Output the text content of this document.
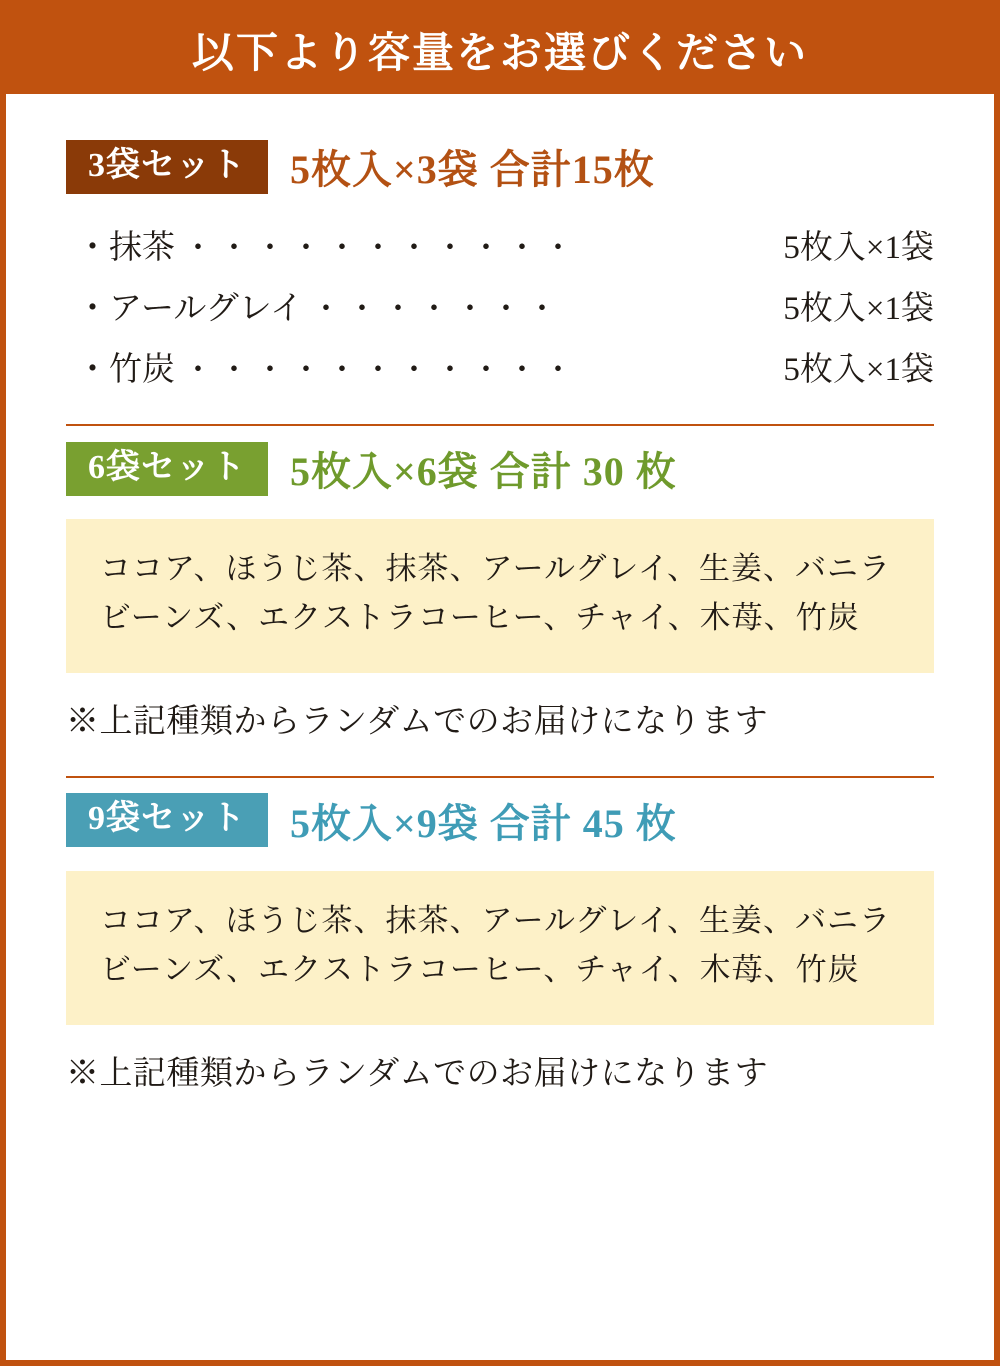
以下より容量をお選びください
3袋セット	5枚入×3袋 合計15枚
・抹茶 ・・・・・・・・・・・	5枚入×1袋
・アールグレイ ・・・・・・・	5枚入×1袋
・竹炭 ・・・・・・・・・・・	5枚入×1袋
6袋セット	5枚入×6袋 合計 30 枚
ココア、ほうじ茶、抹茶、アールグレイ、生姜、バニラビーンズ、エクストラコーヒー、チャイ、木苺、竹炭
※上記種類からランダムでのお届けになります
9袋セット	5枚入×9袋 合計 45 枚
ココア、ほうじ茶、抹茶、アールグレイ、生姜、バニラビーンズ、エクストラコーヒー、チャイ、木苺、竹炭
※上記種類からランダムでのお届けになります
